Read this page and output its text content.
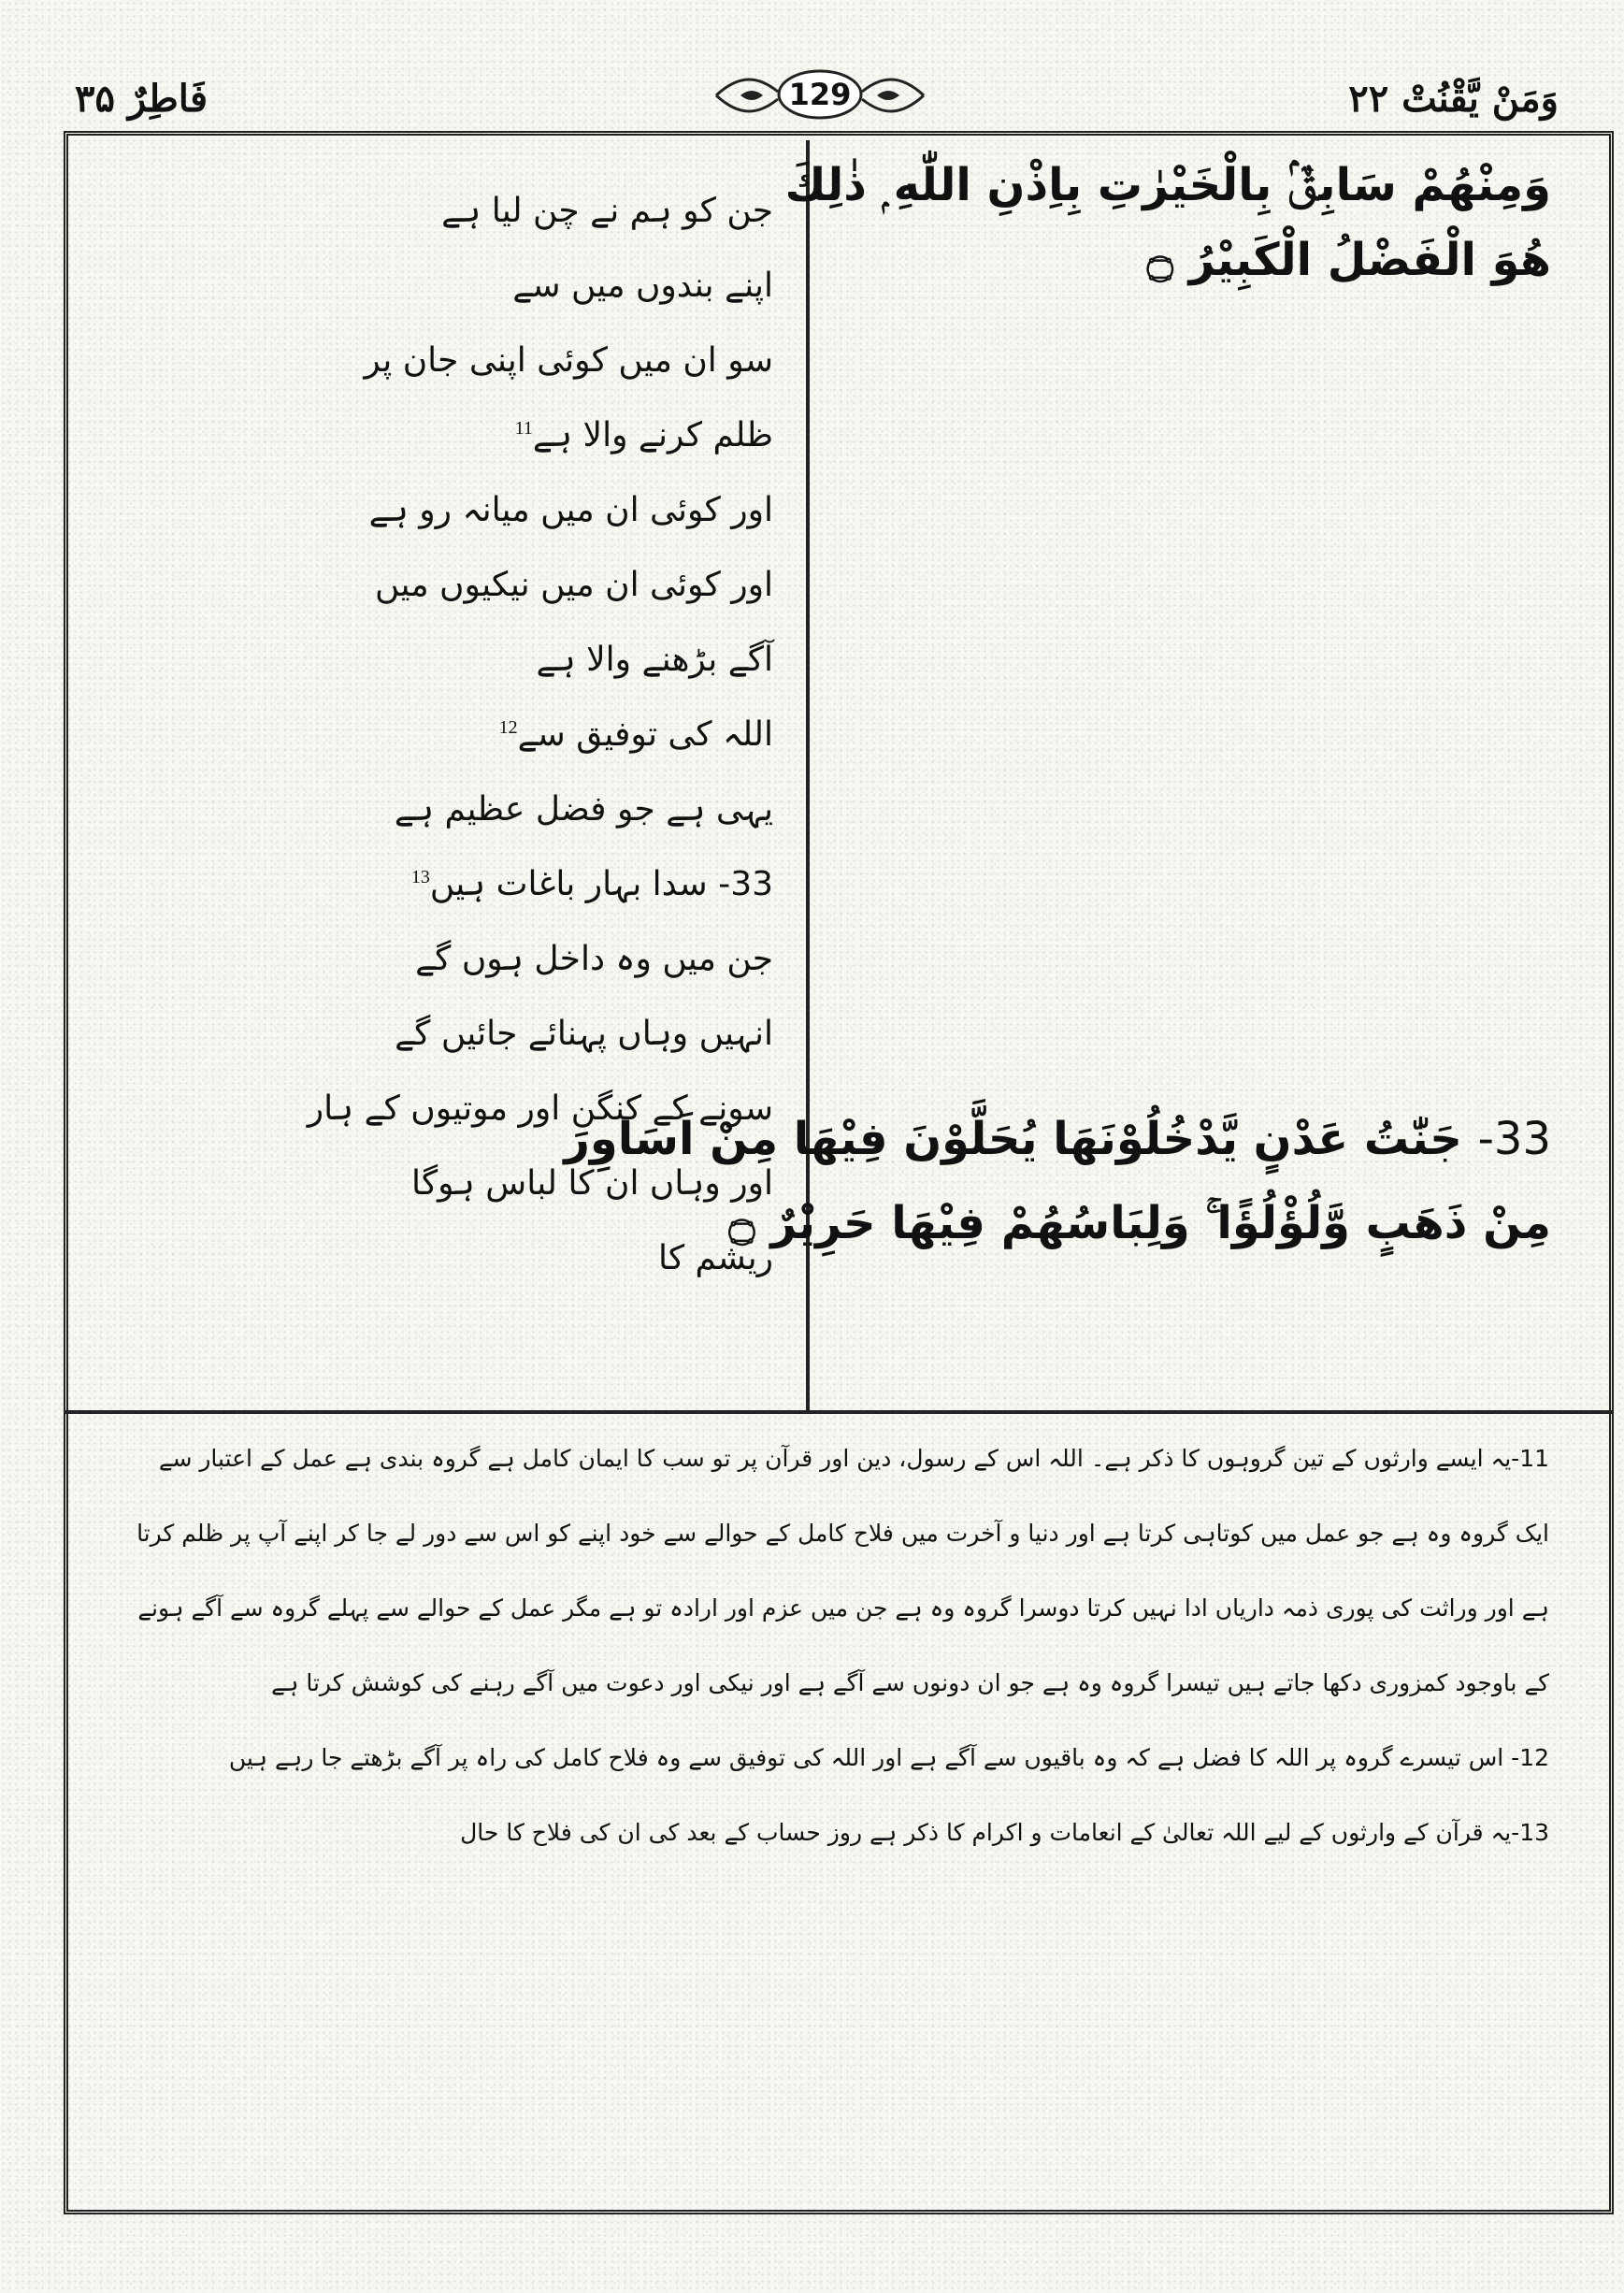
وَمَنْ يَّقْنُتْ ۲۲
فَاطِرٌ ۳۵	129
وَمِنْهُمْ سَابِقٌۢ بِالْخَيْرٰتِ بِاِذْنِ اللّٰهِ ۭ ذٰلِكَ
هُوَ الْفَضْلُ الْكَبِيْرُ ۝
33- جَنّٰتُ عَدْنٍ يَّدْخُلُوْنَهَا يُحَلَّوْنَ فِيْهَا مِنْ اَسَاوِرَ
مِنْ ذَهَبٍ وَّلُؤْلُؤًا ۚ وَلِبَاسُهُمْ فِيْهَا حَرِيْرٌ ۝
جن کو ہم نے چن لیا ہے
اپنے بندوں میں سے
سو ان میں کوئی اپنی جان پر
ظلم کرنے والا ہے$^{11}$
اور کوئی ان میں میانہ رو ہے
اور کوئی ان میں نیکیوں میں
آگے بڑھنے والا ہے
اللہ کی توفیق سے$^{12}$
یہی ہے جو فضل عظیم ہے
33- سدا بہار باغات ہیں$^{13}$
جن میں وہ داخل ہوں گے
انہیں وہاں پہنائے جائیں گے
سونے کے کنگن اور موتیوں کے ہار
اور وہاں ان کا لباس ہوگا
ریشم کا
11-یہ ایسے وارثوں کے تین گروہوں کا ذکر ہے۔ اللہ اس کے رسول، دین اور قرآن پر تو سب کا ایمان کامل ہے گروہ بندی ہے عمل کے اعتبار سے
ایک گروہ وہ ہے جو عمل میں کوتاہی کرتا ہے اور دنیا و آخرت میں فلاح کامل کے حوالے سے خود اپنے کو اس سے دور لے جا کر اپنے آپ پر ظلم کرتا
ہے اور وراثت کی پوری ذمہ داریاں ادا نہیں کرتا دوسرا گروہ وہ ہے جن میں عزم اور ارادہ تو ہے مگر عمل کے حوالے سے پہلے گروہ سے آگے ہونے
کے باوجود کمزوری دکھا جاتے ہیں تیسرا گروہ وہ ہے جو ان دونوں سے آگے ہے اور نیکی اور دعوت میں آگے رہنے کی کوشش کرتا ہے
12- اس تیسرے گروہ پر اللہ کا فضل ہے کہ وہ باقیوں سے آگے ہے اور اللہ کی توفیق سے وہ فلاح کامل کی راہ پر آگے بڑھتے جا رہے ہیں
13-یہ قرآن کے وارثوں کے لیے اللہ تعالیٰ کے انعامات و اکرام کا ذکر ہے روز حساب کے بعد کی ان کی فلاح کا حال
